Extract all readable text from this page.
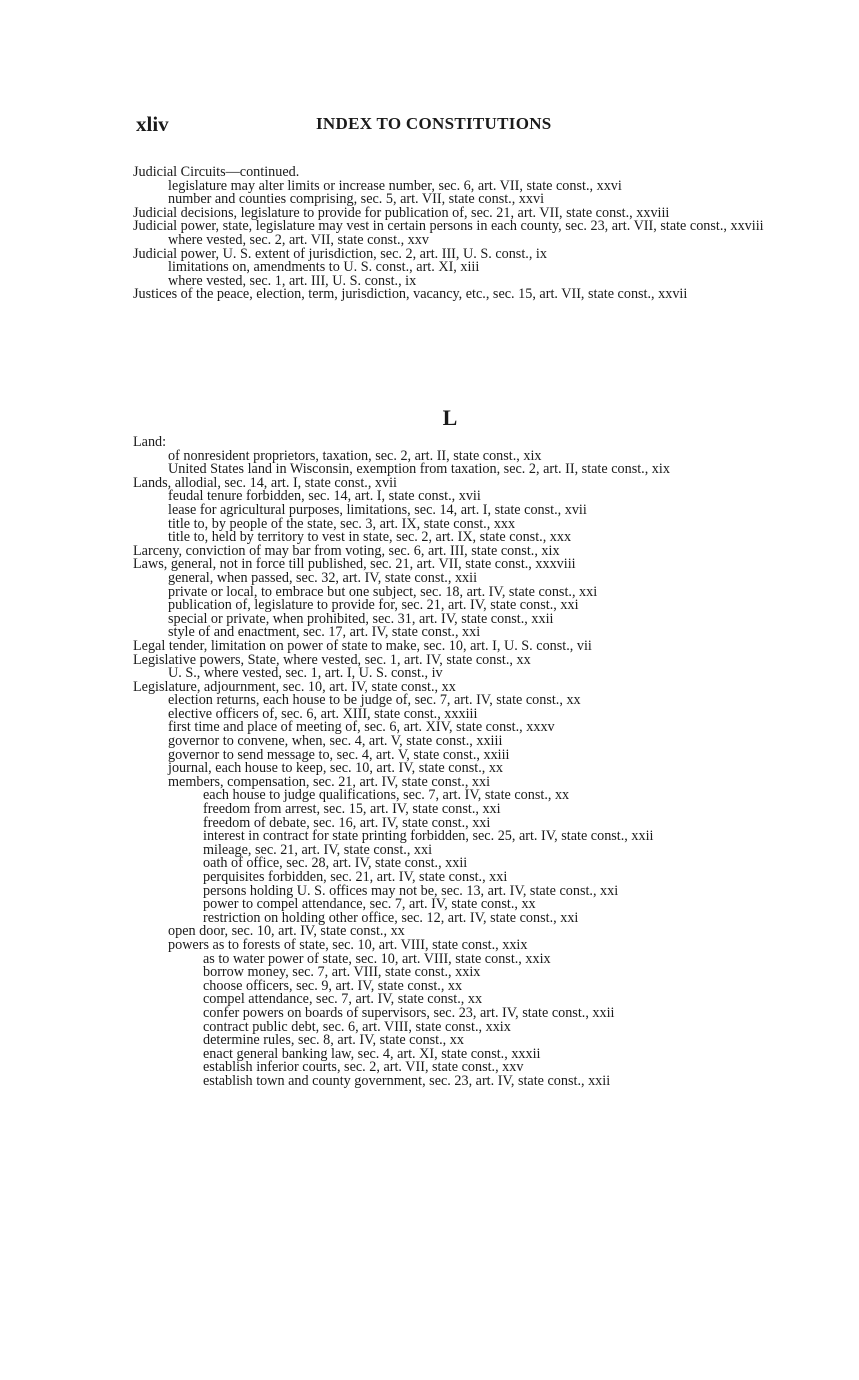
xliv	INDEX TO CONSTITUTIONS
Judicial Circuits—continued.
legislature may alter limits or increase number, sec. 6, art. VII, state const., xxvi
number and counties comprising, sec. 5, art. VII, state const., xxvi
Judicial decisions, legislature to provide for publication of, sec. 21, art. VII, state const., xxviii
Judicial power, state, legislature may vest in certain persons in each county, sec. 23, art. VII, state const., xxviii
where vested, sec. 2, art. VII, state const., xxv
Judicial power, U. S. extent of jurisdiction, sec. 2, art. III, U. S. const., ix
limitations on, amendments to U. S. const., art. XI, xiii
where vested, sec. 1, art. III, U. S. const., ix
Justices of the peace, election, term, jurisdiction, vacancy, etc., sec. 15, art. VII, state const., xxvii
L
Land:
of nonresident proprietors, taxation, sec. 2, art. II, state const., xix
United States land in Wisconsin, exemption from taxation, sec. 2, art. II, state const., xix
Lands, allodial, sec. 14, art. I, state const., xvii
feudal tenure forbidden, sec. 14, art. I, state const., xvii
lease for agricultural purposes, limitations, sec. 14, art. I, state const., xvii
title to, by people of the state, sec. 3, art. IX, state const., xxx
title to, held by territory to vest in state, sec. 2, art. IX, state const., xxx
Larceny, conviction of may bar from voting, sec. 6, art. III, state const., xix
Laws, general, not in force till published, sec. 21, art. VII, state const., xxxviii
general, when passed, sec. 32, art. IV, state const., xxii
private or local, to embrace but one subject, sec. 18, art. IV, state const., xxi
publication of, legislature to provide for, sec. 21, art. IV, state const., xxi
special or private, when prohibited, sec. 31, art. IV, state const., xxii
style of and enactment, sec. 17, art. IV, state const., xxi
Legal tender, limitation on power of state to make, sec. 10, art. I, U. S. const., vii
Legislative powers, State, where vested, sec. 1, art. IV, state const., xx
U. S., where vested, sec. 1, art. I, U. S. const., iv
Legislature, adjournment, sec. 10, art. IV, state const., xx
election returns, each house to be judge of, sec. 7, art. IV, state const., xx
elective officers of, sec. 6, art. XIII, state const., xxxiii
first time and place of meeting of, sec. 6, art. XIV, state const., xxxv
governor to convene, when, sec. 4, art. V, state const., xxiii
governor to send message to, sec. 4, art. V, state const., xxiii
journal, each house to keep, sec. 10, art. IV, state const., xx
members, compensation, sec. 21, art. IV, state const., xxi
each house to judge qualifications, sec. 7, art. IV, state const., xx
freedom from arrest, sec. 15, art. IV, state const., xxi
freedom of debate, sec. 16, art. IV, state const., xxi
interest in contract for state printing forbidden, sec. 25, art. IV, state const., xxii
mileage, sec. 21, art. IV, state const., xxi
oath of office, sec. 28, art. IV, state const., xxii
perquisites forbidden, sec. 21, art. IV, state const., xxi
persons holding U. S. offices may not be, sec. 13, art. IV, state const., xxi
power to compel attendance, sec. 7, art. IV, state const., xx
restriction on holding other office, sec. 12, art. IV, state const., xxi
open door, sec. 10, art. IV, state const., xx
powers as to forests of state, sec. 10, art. VIII, state const., xxix
as to water power of state, sec. 10, art. VIII, state const., xxix
borrow money, sec. 7, art. VIII, state const., xxix
choose officers, sec. 9, art. IV, state const., xx
compel attendance, sec. 7, art. IV, state const., xx
confer powers on boards of supervisors, sec. 23, art. IV, state const., xxii
contract public debt, sec. 6, art. VIII, state const., xxix
determine rules, sec. 8, art. IV, state const., xx
enact general banking law, sec. 4, art. XI, state const., xxxii
establish inferior courts, sec. 2, art. VII, state const., xxv
establish town and county government, sec. 23, art. IV, state const., xxii
